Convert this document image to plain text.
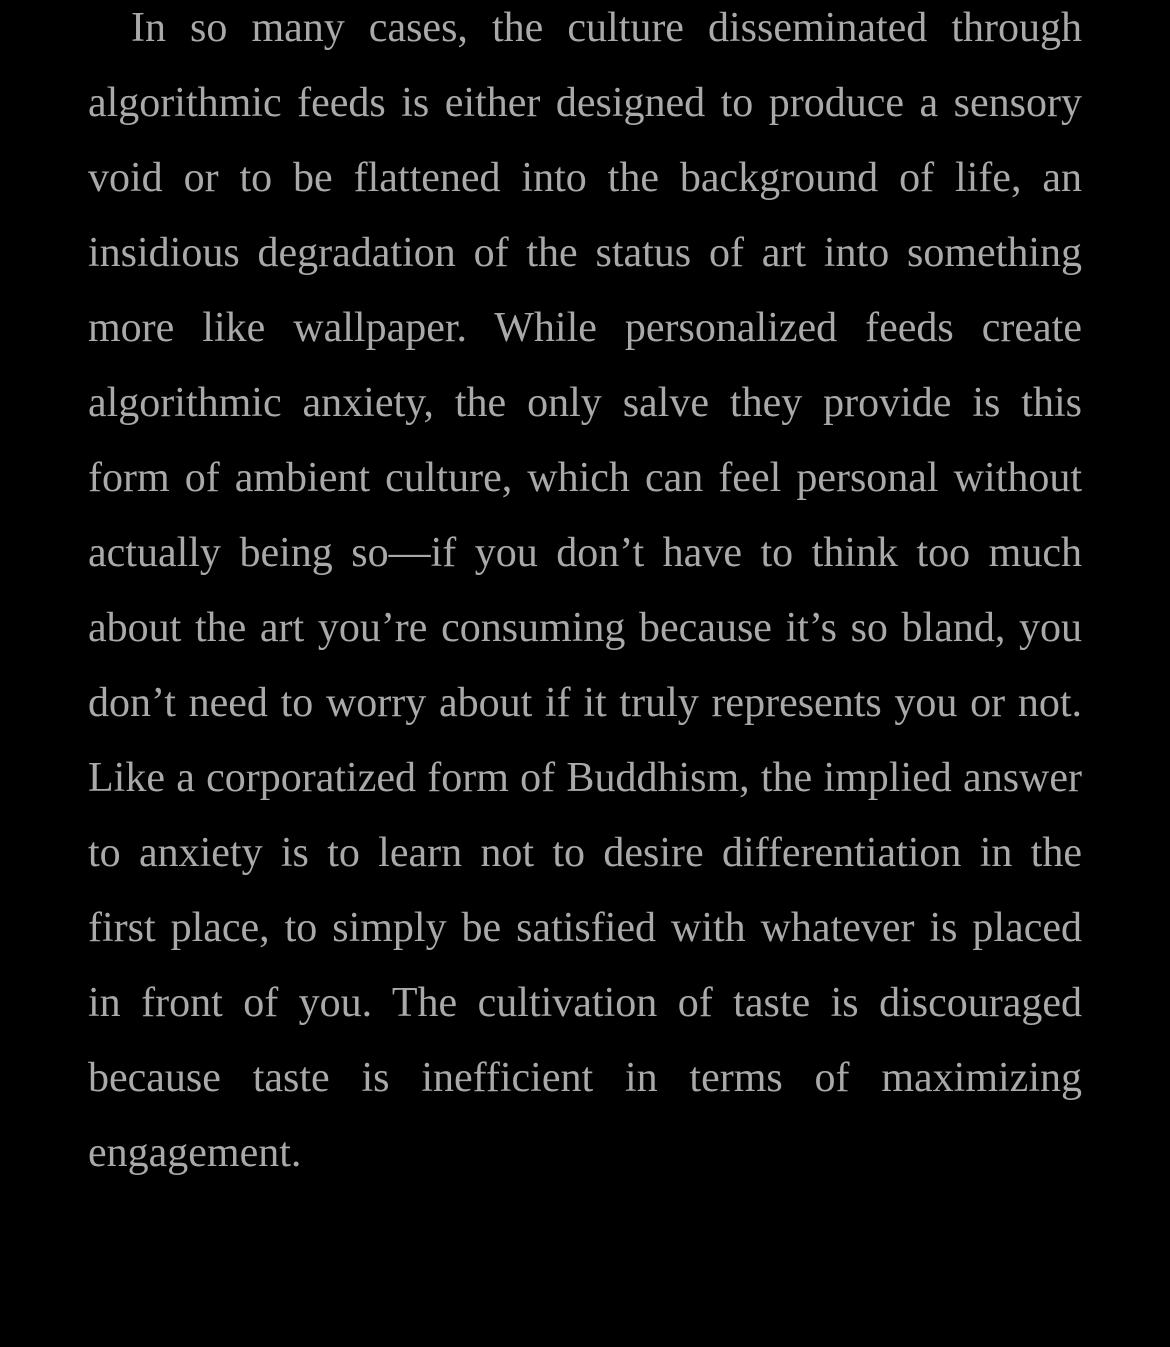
In so many cases, the culture disseminated through algorithmic feeds is either designed to produce a sensory void or to be flattened into the background of life, an insidious degradation of the status of art into something more like wallpaper. While personalized feeds create algorithmic anxiety, the only salve they provide is this form of ambient culture, which can feel personal without actually being so—if you don’t have to think too much about the art you’re consuming because it’s so bland, you don’t need to worry about if it truly represents you or not. Like a corporatized form of Buddhism, the implied answer to anxiety is to learn not to desire differentiation in the first place, to simply be satisfied with whatever is placed in front of you. The cultivation of taste is discouraged because taste is inefficient in terms of maximizing engagement.
